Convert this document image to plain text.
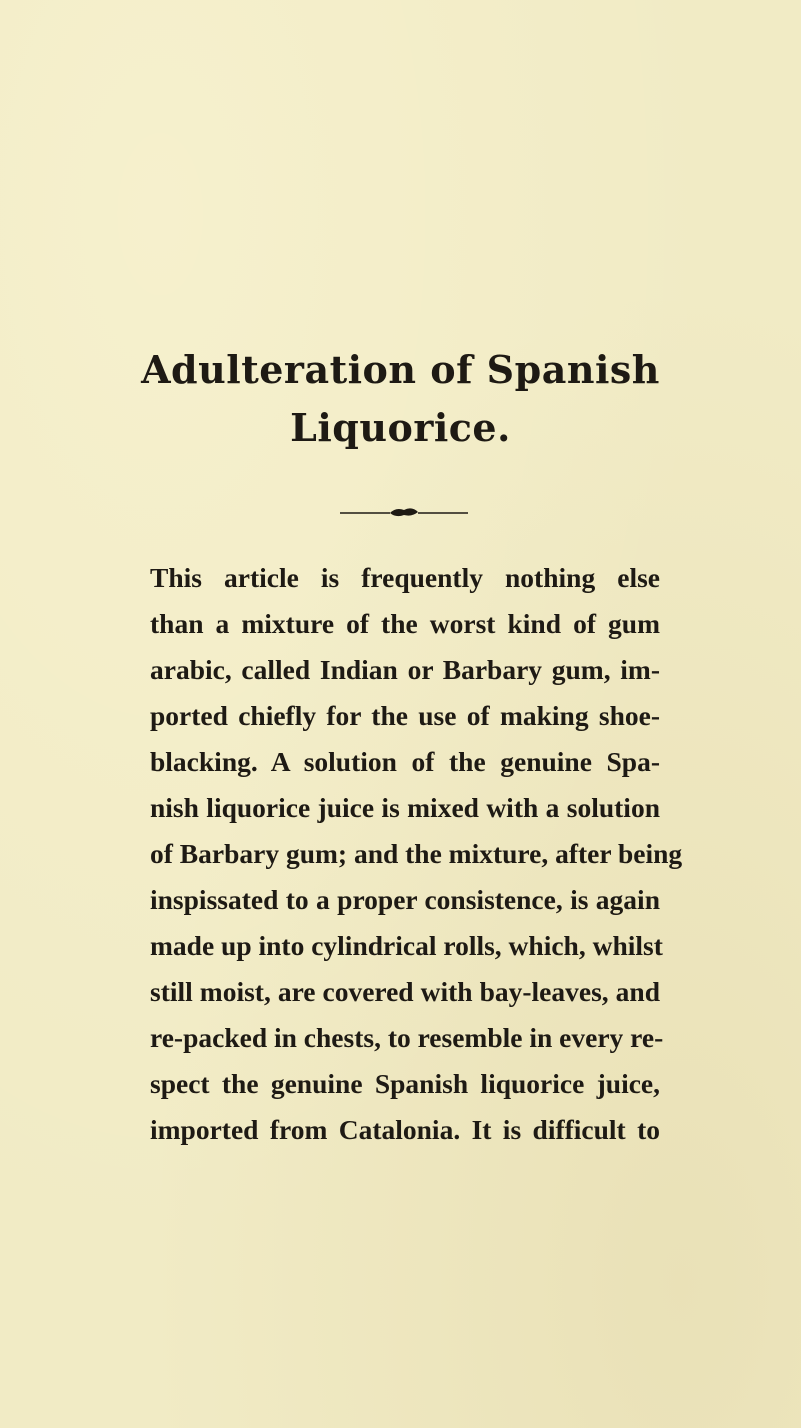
Adulteration of Spanish
Liquorice.
This article is frequently nothing else
than a mixture of the worst kind of gum
arabic, called Indian or Barbary gum, im-
ported chiefly for the use of making shoe-
blacking. A solution of the genuine Spa-
nish liquorice juice is mixed with a solution
of Barbary gum; and the mixture, after being
inspissated to a proper consistence, is again
made up into cylindrical rolls, which, whilst
still moist, are covered with bay-leaves, and
re-packed in chests, to resemble in every re-
spect the genuine Spanish liquorice juice,
imported from Catalonia. It is difficult to
